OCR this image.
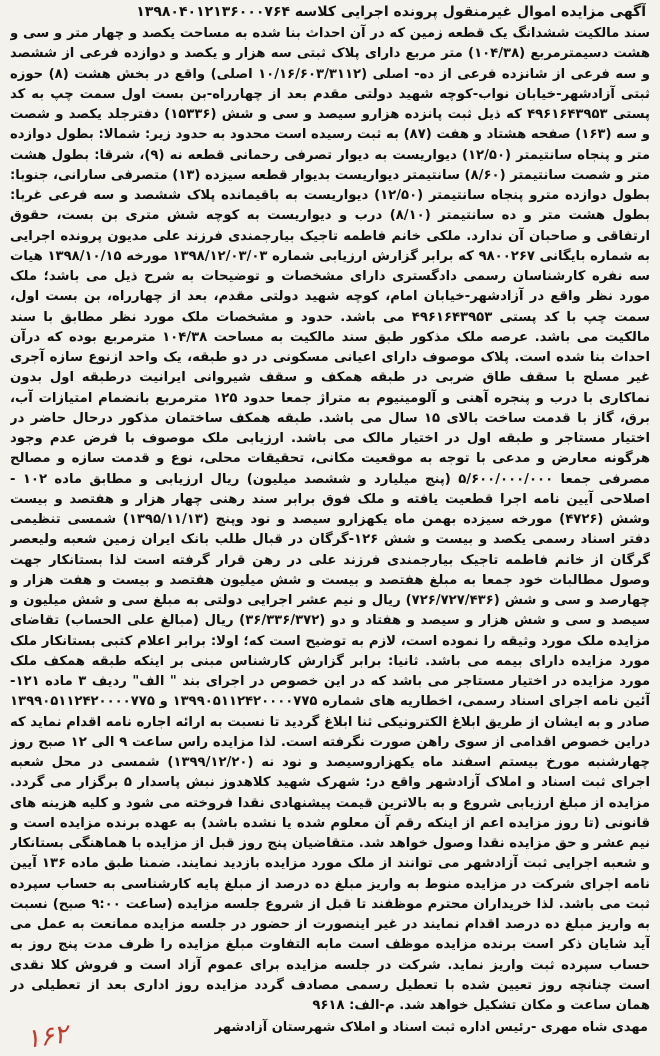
آگهی مزایده اموال غیرمنقول پرونده اجرایی کلاسه ۱۳۹۸۰۴۰۱۲۱۳۶۰۰۰۷۶۴

سند مالکیت ششدانگ یک قطعه زمین که در آن احداث بنا شده به مساحت یکصد و چهار متر و سی و هشت دسیمترمربع (۱۰۴/۳۸) متر مربع دارای پلاک ثبتی سه هزار و یکصد و دوازده فرعی از ششصد و سه فرعی از شانزده فرعی از ده- اصلی (۱۰/۱۶/۶۰۳/۳۱۱۲ اصلی) واقع در بخش هشت (۸) حوزه ثبتی آزادشهر-خیابان نواب-کوچه شهید دولتی مقدم بعد از چهارراه-بن بست اول سمت چپ به کد پستی ۴۹۶۱۶۴۳۹۵۳ که ذیل ثبت پانزده هزارو سیصد و سی و شش (۱۵۳۳۶) دفترجلد یکصد و شصت و سه (۱۶۳) صفحه هشتاد و هفت (۸۷) به ثبت رسیده است محدود به حدود زیر: شمالا: بطول دوازده متر و پنجاه سانتیمتر (۱۲/۵۰) دیواریست به دیوار تصرفی رحمانی قطعه نه (۹)، شرقا: بطول هشت متر و شصت سانتیمتر (۸/۶۰) سانتیمتر دیواریست بدیوار قطعه سیزده (۱۳) متصرفی سارانی، جنوبا: بطول دوازده مترو پنجاه سانتیمتر (۱۲/۵۰) دیواریست به باقیمانده پلاک ششصد و سه فرعی غربا: بطول هشت متر و ده سانتیمتر (۸/۱۰) درب و دیواریست به کوچه شش متری بن بست، حقوق ارتفاقی و صاحبان آن ندارد. ملکی خانم فاطمه تاجیک بیارجمندی فرزند علی مدیون پرونده اجرایی به شماره بایگانی ۹۸۰۰۲۶۷ که برابر گزارش ارزیابی شماره ۱۳۹۸/۱۲/۰۳/۰۳ مورخه ۱۳۹۸/۱۰/۱۵ هیات سه نفره کارشناسان رسمی دادگستری دارای مشخصات و توضیحات به شرح ذیل می باشد؛ ملک مورد نظر واقع در آزادشهر-خیابان امام، کوچه شهید دولتی مقدم، بعد از چهارراه، بن بست اول، سمت چپ با کد پستی ۴۹۶۱۶۴۳۹۵۳ می باشد. حدود و مشخصات ملک مورد نظر مطابق با سند مالکیت می باشد. عرصه ملک مذکور طبق سند مالکیت به مساحت ۱۰۴/۳۸ مترمربع بوده که درآن احداث بنا شده است. پلاک موصوف دارای اعیانی مسکونی در دو طبقه، یک واحد ازنوع سازه آجری غیر مسلح با سقف طاق ضربی در طبقه همکف و سقف شیروانی ایرانیت درطبقه اول بدون نماکاری با درب و پنجره آهنی و آلومینیوم به متراژ جمعا حدود ۱۲۵ مترمربع بانضمام امتیازات آب، برق، گاز با قدمت ساخت بالای ۱۵ سال می باشد. طبقه همکف ساختمان مذکور درحال حاضر در اختیار مستاجر و طبقه اول در اختیار مالک می باشد. ارزیابی ملک موصوف با فرض عدم وجود هرگونه معارض و مدعی با توجه به موقعیت مکانی، تحقیقات محلی، نوع و قدمت سازه و مصالح مصرفی جمعا ۵/۶۰۰/۰۰۰/۰۰۰ (پنج میلیارد و ششصد میلیون) ریال ارزیابی و مطابق ماده ۱۰۲ - اصلاحی آیین نامه اجرا قطعیت یافته و ملک فوق برابر سند رهنی چهار هزار و هفتصد و بیست وشش (۴۷۲۶) مورخه سیزده بهمن ماه یکهزارو سیصد و نود وپنج (۱۳۹۵/۱۱/۱۳) شمسی تنظیمی دفتر اسناد رسمی یکصد و بیست و شش ۱۲۶-گرگان در قبال طلب بانک ایران زمین شعبه ولیعصر گرگان از خانم فاطمه تاجیک بیارجمندی فرزند علی در رهن قرار گرفته است لذا بستانکار جهت وصول مطالبات خود جمعا به مبلغ هفتصد و بیست و شش میلیون هفتصد و بیست و هفت هزار و چهارصد و سی و شش (۷۲۶/۷۲۷/۴۳۶) ریال و نیم عشر اجرایی دولتی به مبلغ سی و شش میلیون و سیصد و سی و شش هزار و سیصد و هفتاد و دو (۳۶/۳۳۶/۳۷۲) ریال (مبالغ علی الحساب) تقاضای مزایده ملک مورد وثیقه را نموده است، لازم به توضیح است که؛ اولا: برابر اعلام کتبی بستانکار ملک مورد مزایده دارای بیمه می باشد. ثانیا: برابر گزارش کارشناس مبنی بر اینکه طبقه همکف ملک مورد مزایده در اختیار مستاجر می باشد که در این خصوص در اجرای بند " الف" ردیف ۳ ماده ۱۲۱- آئین نامه اجرای اسناد رسمی، اخطاریه های شماره ۱۳۹۹۰۵۱۱۲۴۲۰۰۰۰۷۷۵ و ۱۳۹۹۰۵۱۱۲۴۲۰۰۰۰۷۷۵ صادر و به ایشان از طریق ابلاغ الکترونیکی ثنا ابلاغ گردید تا نسبت به ارائه اجاره نامه اقدام نماید که دراین خصوص اقدامی از سوی راهن صورت نگرفته است. لذا مزایده راس ساعت ۹ الی ۱۲ صبح روز چهارشنبه مورخ بیستم اسفند ماه یکهزاروسیصد و نود نه (۱۳۹۹/۱۲/۲۰) شمسی در محل شعبه اجرای ثبت اسناد و املاک آزادشهر واقع در: شهرک شهید کلاهدوز نبش پاسدار ۵ برگزار می گردد. مزایده از مبلغ ارزیابی شروع و به بالاترین قیمت پیشنهادی نقدا فروخته می شود و کلیه هزینه های قانونی (تا روز مزایده اعم از اینکه رقم آن معلوم شده یا نشده باشد) به عهده برنده مزایده است و نیم عشر و حق مزایده نقدا وصول خواهد شد. متقاضیان پنج روز قبل از مزایده با هماهنگی بستانکار و شعبه اجرایی ثبت آزادشهر می توانند از ملک مورد مزایده بازدید نمایند. ضمنا طبق ماده ۱۳۶ آیین نامه اجرای شرکت در مزایده منوط به واریز مبلغ ده درصد از مبلغ پایه کارشناسی به حساب سپرده ثبت می باشد. لذا خریداران محترم موظفند تا قبل از شروع جلسه مزایده (ساعت ۹:۰۰ صبح) نسبت به واریز مبلغ ده درصد اقدام نمایند در غیر اینصورت از حضور در جلسه مزایده ممانعت به عمل می آید شایان ذکر است برنده مزایده موظف است مابه التفاوت مبلغ مزایده را ظرف مدت پنج روز به حساب سپرده ثبت واریز نماید. شرکت در جلسه مزایده برای عموم آزاد است و فروش کلا نقدی است چنانچه روز تعیین شده با تعطیل رسمی مصادف گردد مزایده روز اداری بعد از تعطیلی در همان ساعت و مکان تشکیل خواهد شد. م-الف: ۹۶۱۸

مهدی شاه مهری -رئیس اداره ثبت اسناد و املاک شهرستان آزادشهر
۱۶۲
